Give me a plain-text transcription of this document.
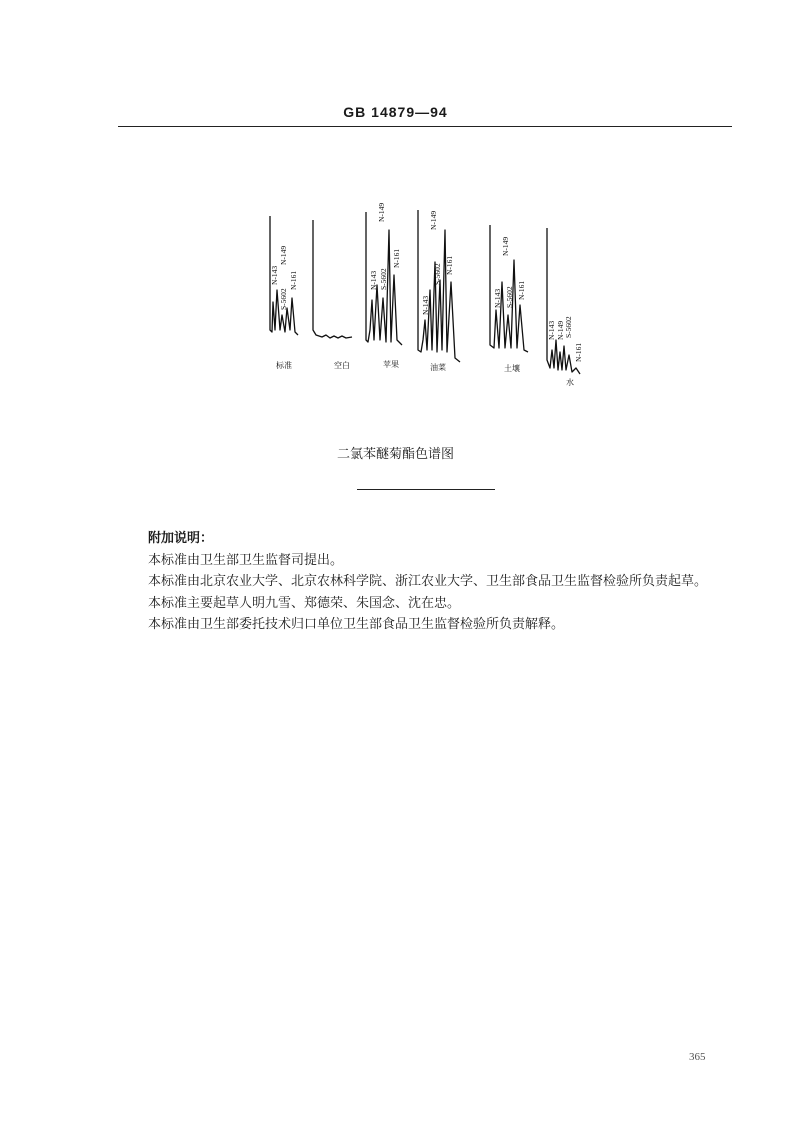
GB 14879—94
N-143
S-5602
N-149
N-161	N-143 S-5602
N-149
N-161
N-143
S-5602
N-149
N-161
N-143 S-5602
N-149
N-161
N-143 N-149 S-5602
N-161
标准	空白	苹果	油菜	土壤
水
二氯苯醚菊酯色谱图
附加说明：
本标准由卫生部卫生监督司提出。
本标准由北京农业大学、北京农林科学院、浙江农业大学、卫生部食品卫生监督检验所负责起草。
本标准主要起草人明九雪、郑德荣、朱国念、沈在忠。
本标准由卫生部委托技术归口单位卫生部食品卫生监督检验所负责解释。
365
